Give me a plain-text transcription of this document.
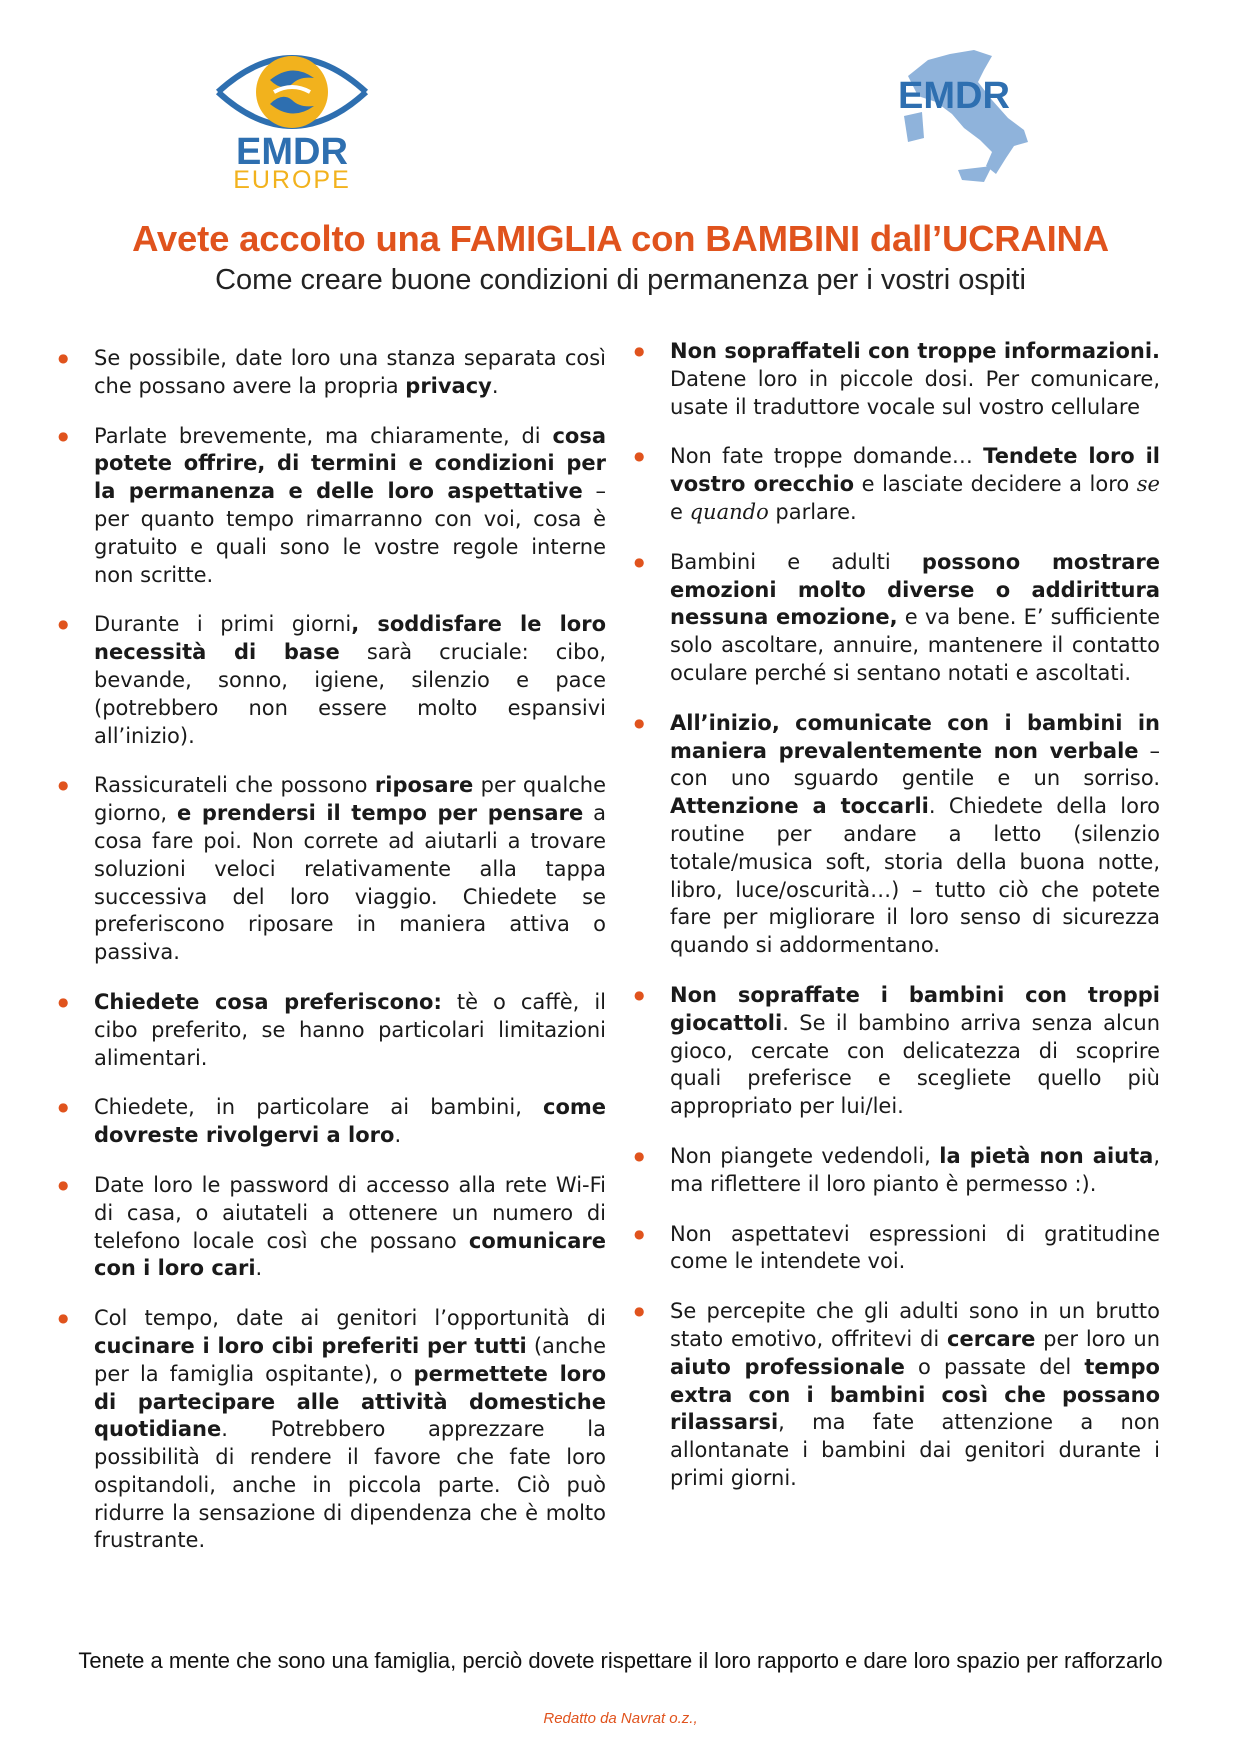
EMDR
EUROPE
EMDR
Avete accolto una FAMIGLIA con BAMBINI dall’UCRAINA
Come creare buone condizioni di permanenza per i vostri ospiti

● Se possibile, date loro una stanza separata così che possano avere la propria privacy.

● Parlate brevemente, ma chiaramente, di cosa potete offrire, di termini e condizioni per la permanenza e delle loro aspettative – per quanto tempo rimarranno con voi, cosa è gratuito e quali sono le vostre regole interne non scritte.

● Durante i primi giorni, soddisfare le loro necessità di base sarà cruciale: cibo, bevande, sonno, igiene, silenzio e pace (potrebbero non essere molto espansivi all’inizio).

● Rassicurateli che possono riposare per qualche giorno, e prendersi il tempo per pensare a cosa fare poi. Non correte ad aiutarli a trovare soluzioni veloci relativamente alla tappa successiva del loro viaggio. Chiedete se preferiscono riposare in maniera attiva o passiva.

● Chiedete cosa preferiscono: tè o caffè, il cibo preferito, se hanno particolari limitazioni alimentari.

● Chiedete, in particolare ai bambini, come dovreste rivolgervi a loro.

● Date loro le password di accesso alla rete Wi-Fi di casa, o aiutateli a ottenere un numero di telefono locale così che possano comunicare con i loro cari.

● Col tempo, date ai genitori l’opportunità di cucinare i loro cibi preferiti per tutti (anche per la famiglia ospitante), o permettete loro di partecipare alle attività domestiche quotidiane. Potrebbero apprezzare la possibilità di rendere il favore che fate loro ospitandoli, anche in piccola parte. Ciò può ridurre la sensazione di dipendenza che è molto frustrante.

● Non sopraffateli con troppe informazioni. Datene loro in piccole dosi. Per comunicare, usate il traduttore vocale sul vostro cellulare

● Non fate troppe domande… Tendete loro il vostro orecchio e lasciate decidere a loro se e quando parlare.

● Bambini e adulti possono mostrare emozioni molto diverse o addirittura nessuna emozione, e va bene. E’ sufficiente solo ascoltare, annuire, mantenere il contatto oculare perché si sentano notati e ascoltati.

● All’inizio, comunicate con i bambini in maniera prevalentemente non verbale – con uno sguardo gentile e un sorriso. Attenzione a toccarli. Chiedete della loro routine per andare a letto (silenzio totale/musica soft, storia della buona notte, libro, luce/oscurità…) – tutto ciò che potete fare per migliorare il loro senso di sicurezza quando si addormentano.

● Non sopraffate i bambini con troppi giocattoli. Se il bambino arriva senza alcun gioco, cercate con delicatezza di scoprire quali preferisce e scegliete quello più appropriato per lui/lei.

● Non piangete vedendoli, la pietà non aiuta, ma riflettere il loro pianto è permesso :).

● Non aspettatevi espressioni di gratitudine come le intendete voi.

● Se percepite che gli adulti sono in un brutto stato emotivo, offritevi di cercare per loro un aiuto professionale o passate del tempo extra con i bambini così che possano rilassarsi, ma fate attenzione a non allontanate i bambini dai genitori durante i primi giorni.

Tenete a mente che sono una famiglia, perciò dovete rispettare il loro rapporto e dare loro spazio per rafforzarlo
Redatto da Navrat o.z.,
